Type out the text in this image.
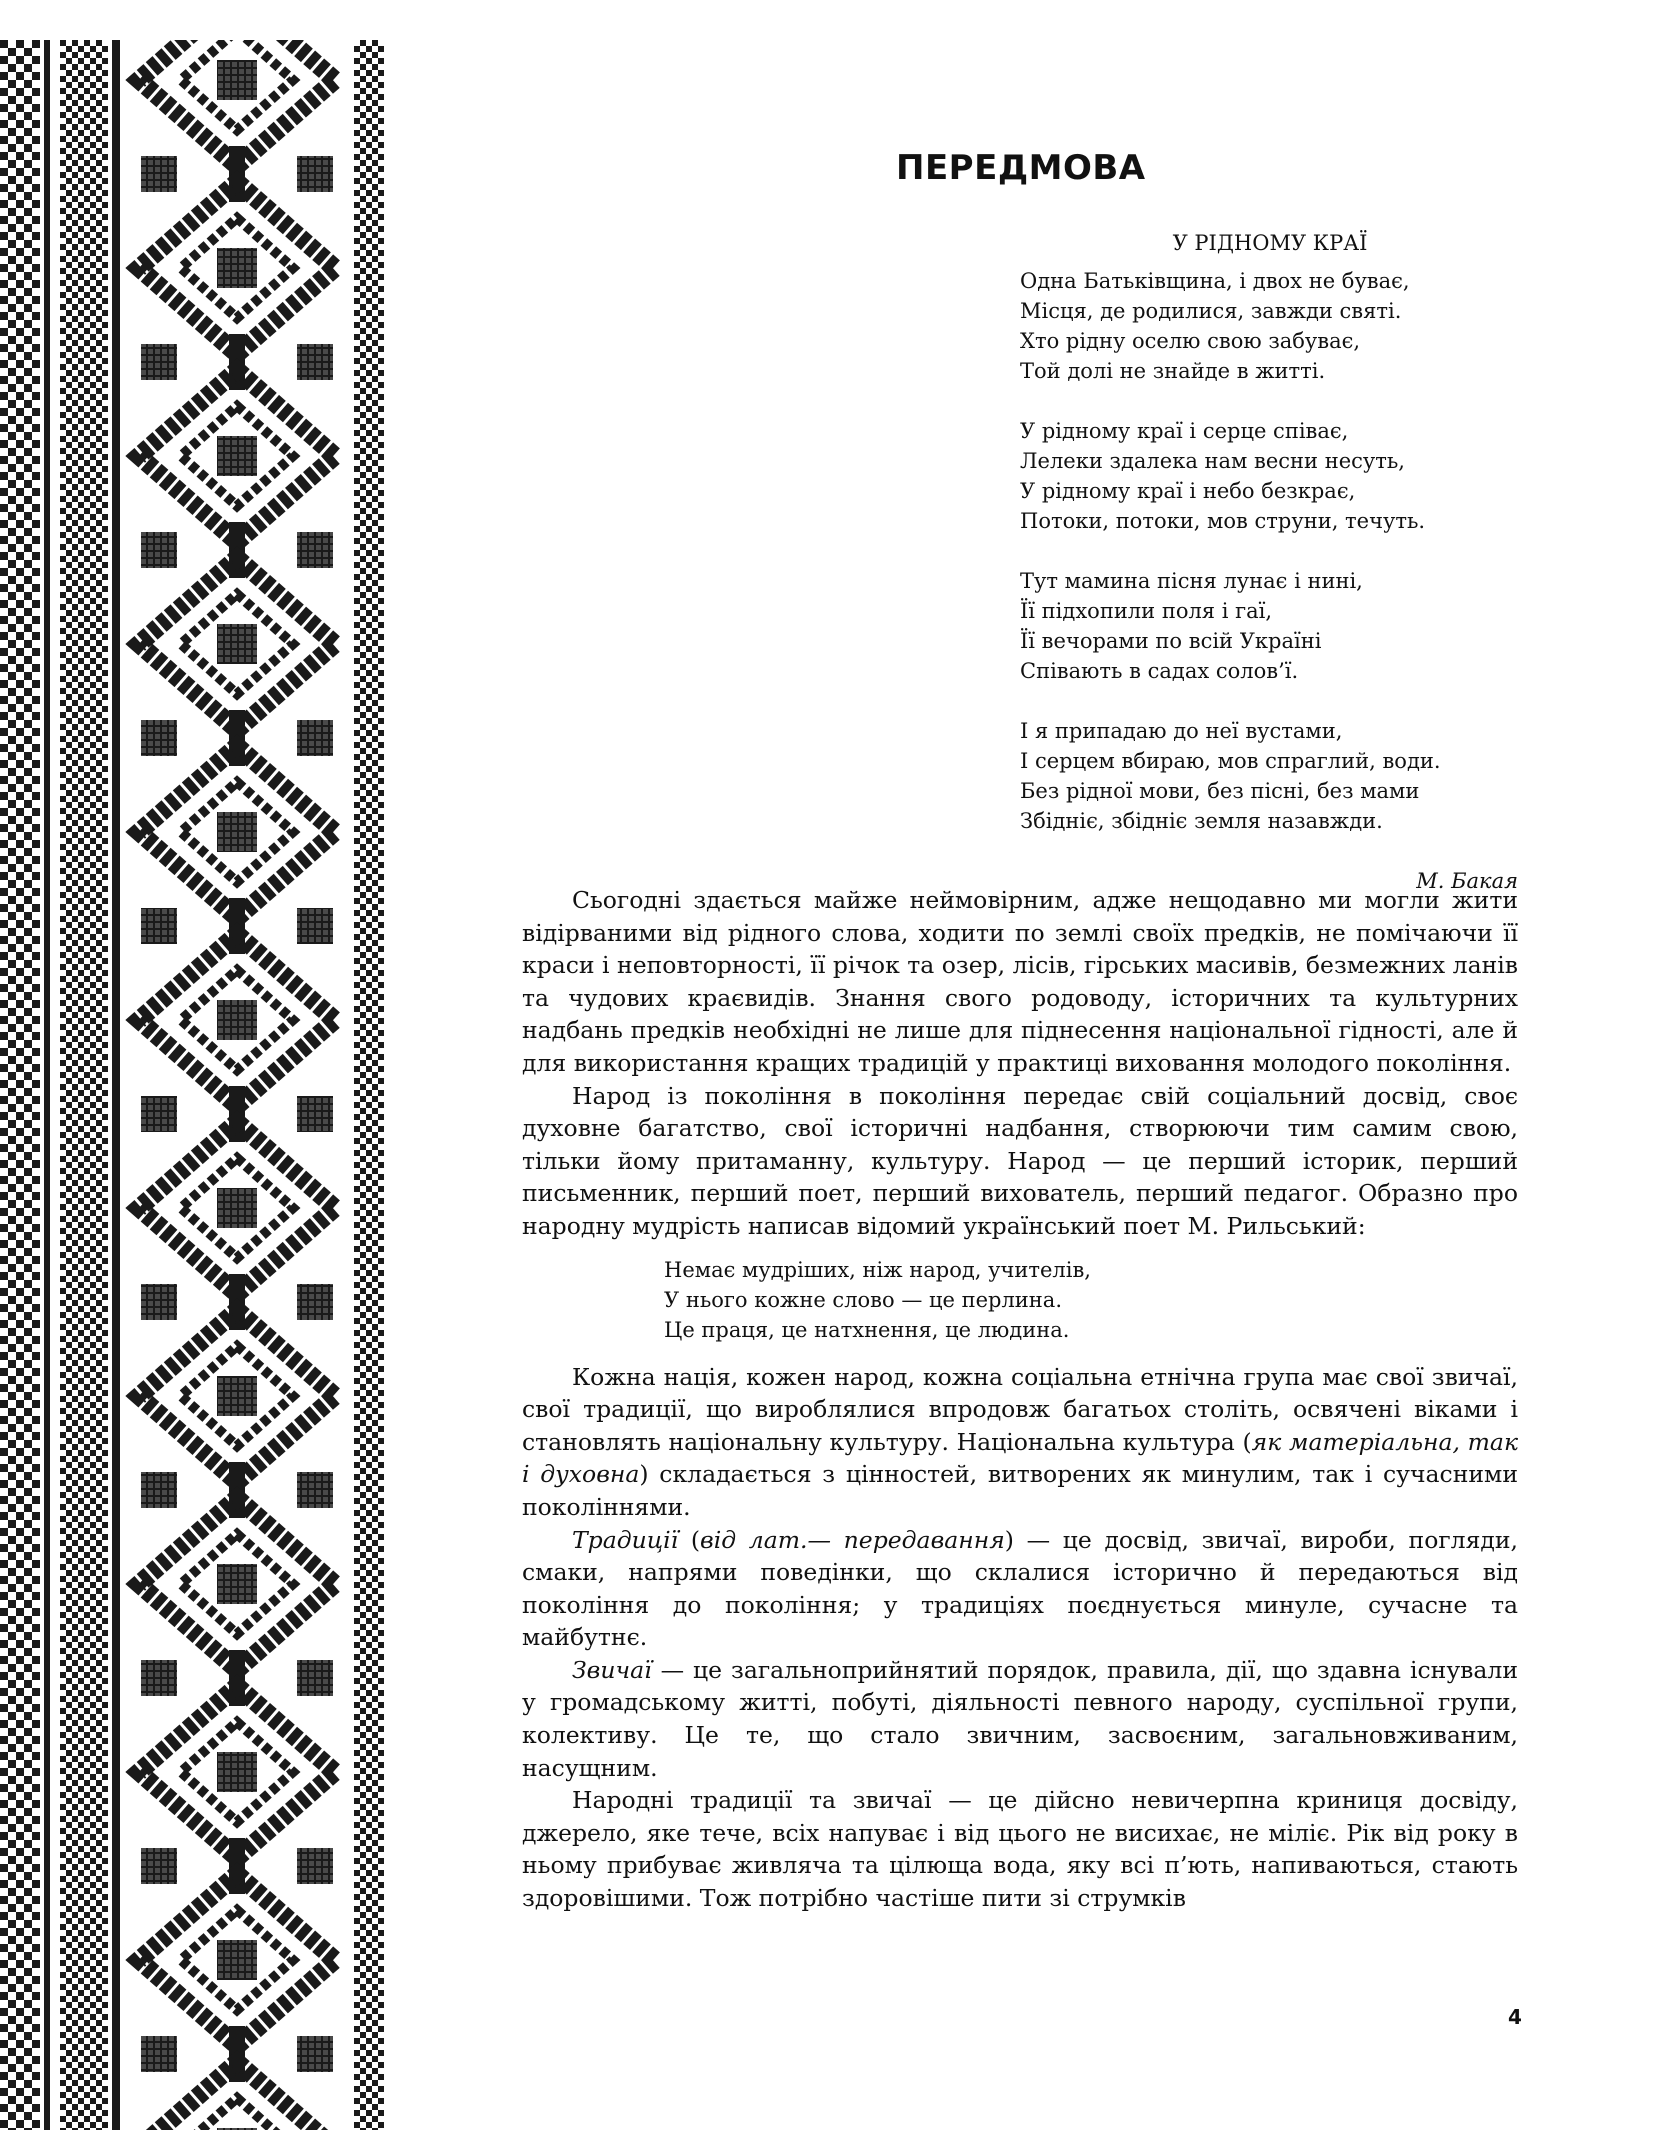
ПЕРЕДМОВА
У РІДНОМУ КРАЇ
Одна Батьківщина, і двох не буває,
Місця, де родилися, завжди святі.
Хто рідну оселю свою забуває,
Той долі не знайде в житті.
У рідному краї і серце співає,
Лелеки здалека нам весни несуть,
У рідному краї і небо безкрає,
Потоки, потоки, мов струни, течуть.
Тут мамина пісня лунає і нині,
Її підхопили поля і гаї,
Її вечорами по всій Україні
Співають в садах солов’ї.
І я припадаю до неї вустами,
І серцем вбираю, мов спраглий, води.
Без рідної мови, без пісні, без мами
Збідніє, збідніє земля назавжди.
М. Бакая

Сьогодні здається майже неймовірним, адже нещодавно ми могли жити відірваними від рідного слова, ходити по землі своїх предків, не помічаючи її краси і неповторності, її річок та озер, лісів, гірських масивів, безмежних ланів та чудових краєвидів. Знання свого родоводу, історичних та культурних надбань предків необхідні не лише для піднесення національної гідності, але й для використання кращих традицій у практиці виховання молодого покоління.

Народ із покоління в покоління передає свій соціальний досвід, своє духовне багатство, свої історичні надбання, створюючи тим самим свою, тільки йому притаманну, культуру. Народ — це перший історик, перший письменник, перший поет, перший вихователь, перший педагог. Образно про народну мудрість написав відомий український поет М. Рильський:

Немає мудріших, ніж народ, учителів,
У нього кожне слово — це перлина.
Це праця, це натхнення, це людина.

Кожна нація, кожен народ, кожна соціальна етнічна група має свої звичаї, свої традиції, що вироблялися впродовж багатьох століть, освячені віками і становлять національну культуру. Національна культура (як матеріальна, так і духовна) складається з цінностей, витворених як минулим, так і сучасними поколіннями.

Традиції (від лат.— передавання) — це досвід, звичаї, вироби, погляди, смаки, напрями поведінки, що склалися історично й передаються від покоління до покоління; у традиціях поєднується минуле, сучасне та майбутнє.

Звичаї — це загальноприйнятий порядок, правила, дії, що здавна існували у громадському житті, побуті, діяльності певного народу, суспільної групи, колективу. Це те, що стало звичним, засвоєним, загальновживаним, насущним.

Народні традиції та звичаї — це дійсно невичерпна криниця досвіду, джерело, яке тече, всіх напуває і від цього не висихає, не міліє. Рік від року в ньому прибуває живляча та цілюща вода, яку всі п’ють, напиваються, стають здоровішими. Тож потрібно частіше пити зі струмків

4
